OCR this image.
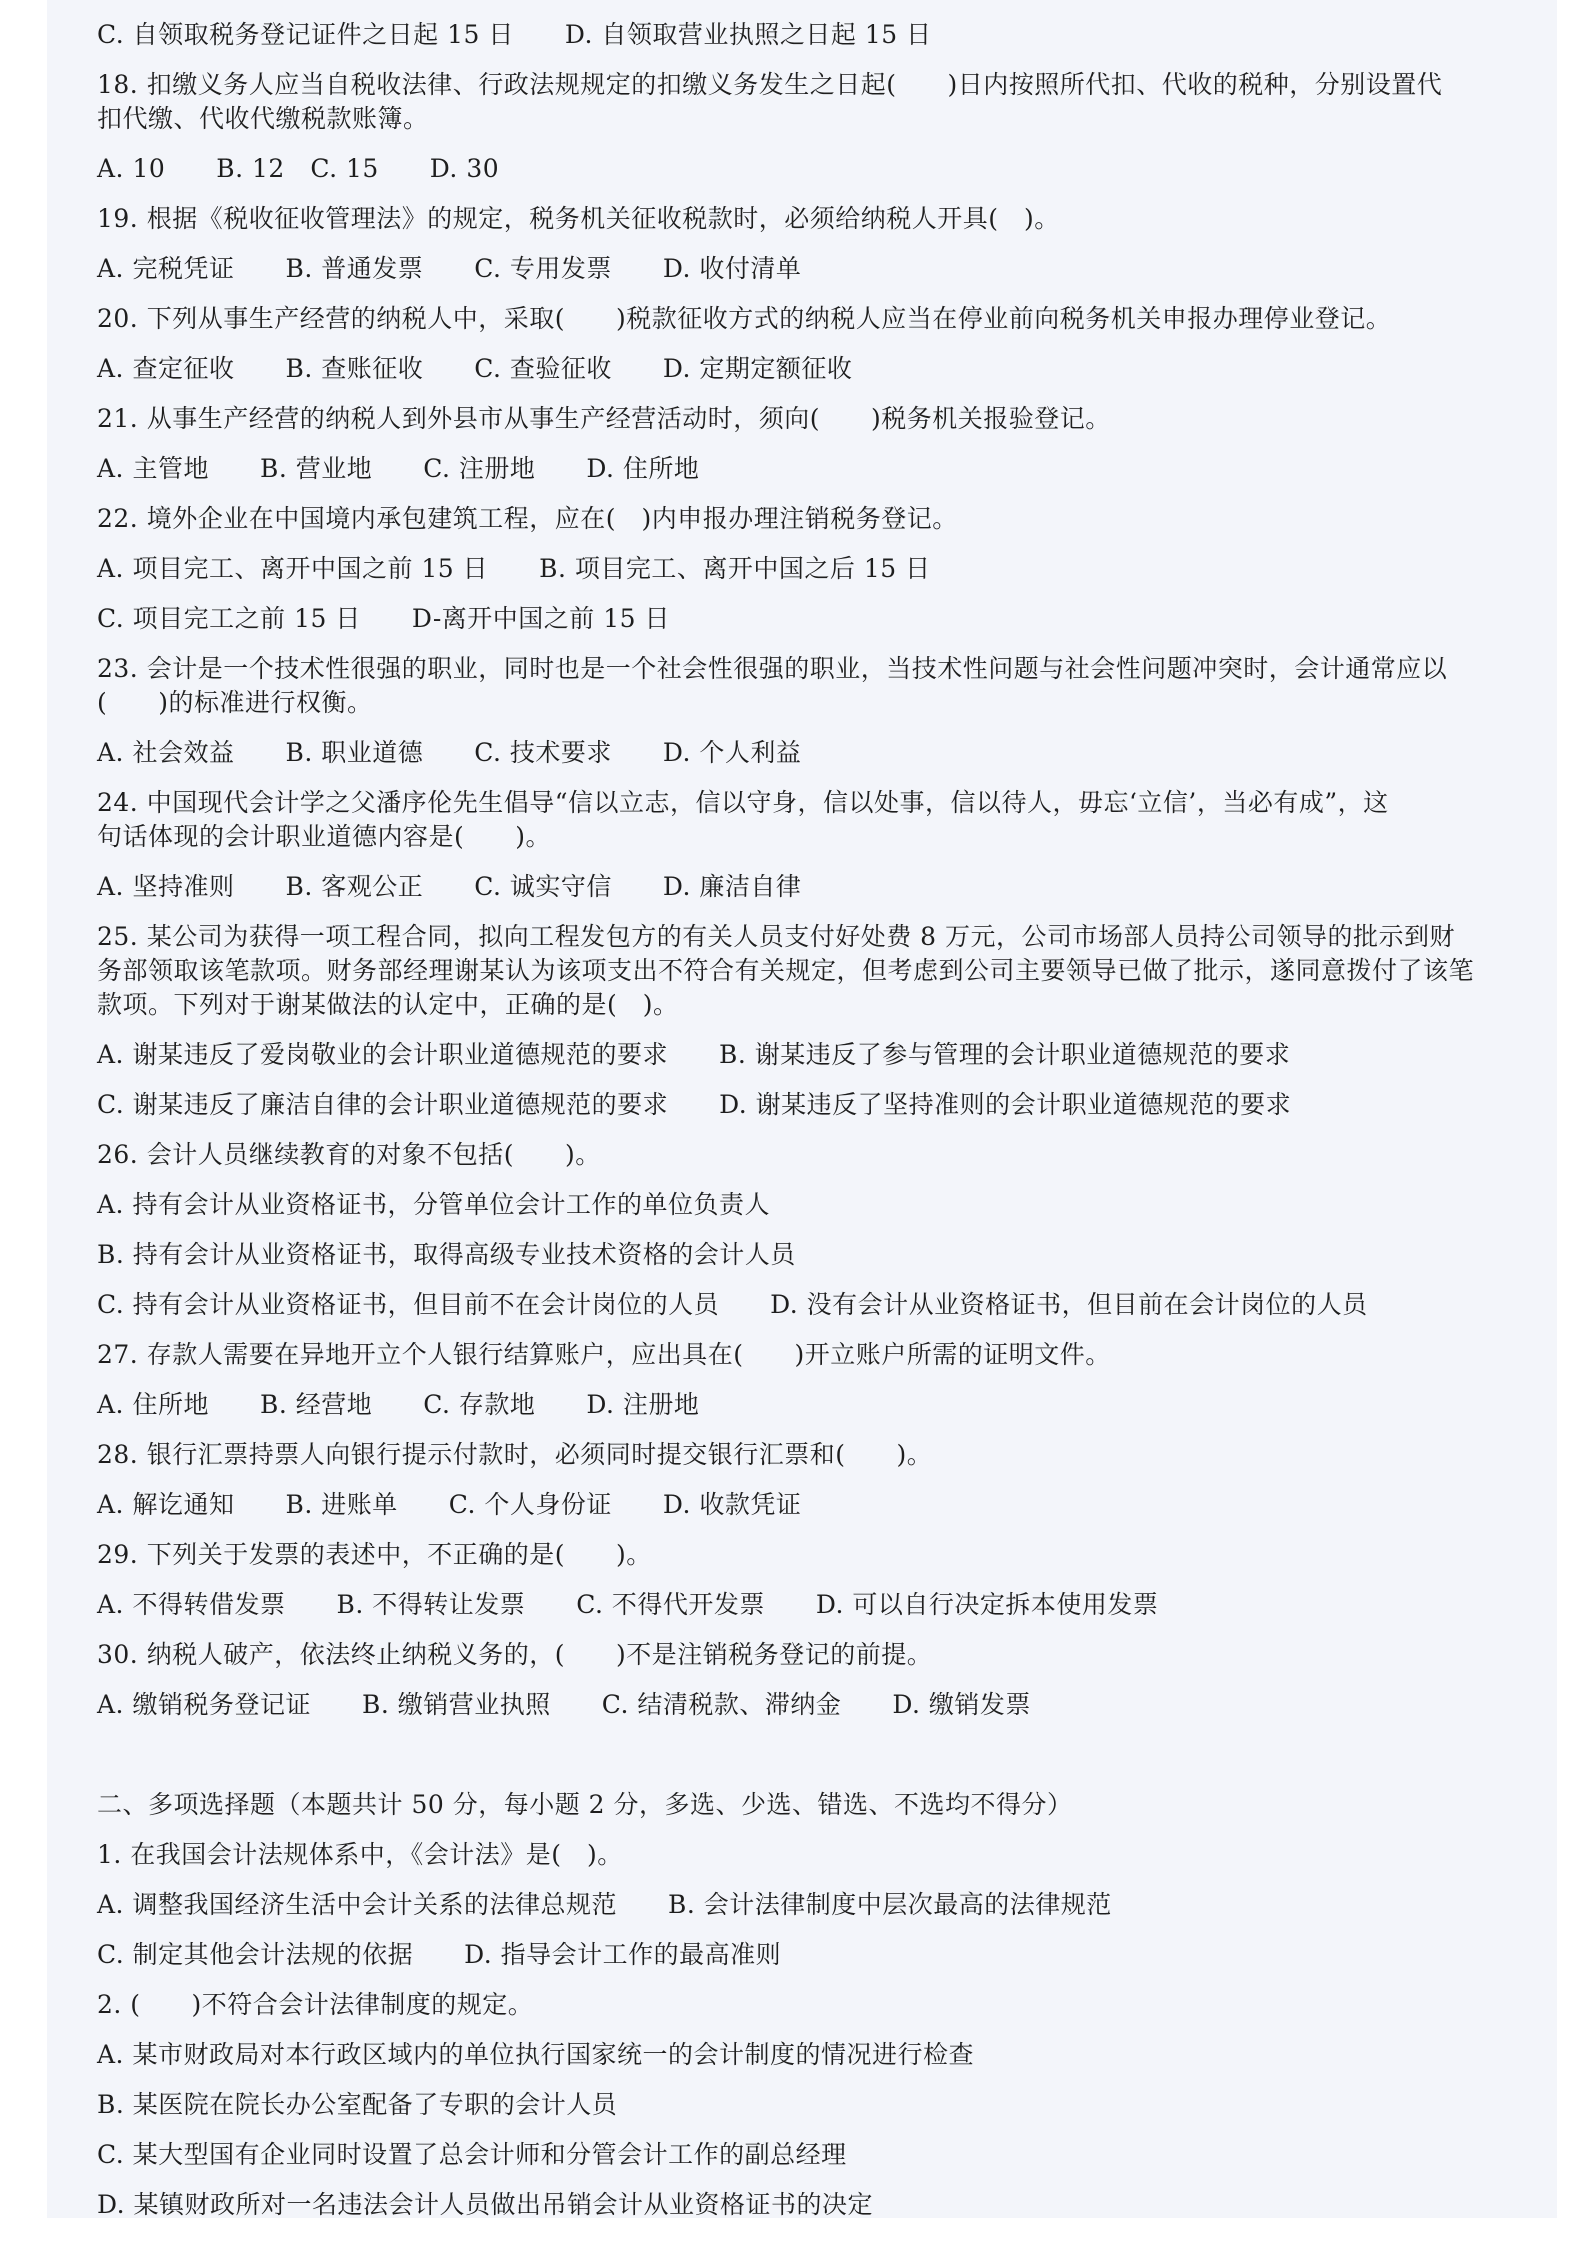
C. 自领取税务登记证件之日起 15 日　　D. 自领取营业执照之日起 15 日
18. 扣缴义务人应当自税收法律、行政法规规定的扣缴义务发生之日起(　　)日内按照所代扣、代收的税种，分别设置代
扣代缴、代收代缴税款账簿。
A. 10　　B. 12　C. 15　　D. 30
19. 根据《税收征收管理法》的规定，税务机关征收税款时，必须给纳税人开具(　)。
A. 完税凭证　　B. 普通发票　　C. 专用发票　　D. 收付清单
20. 下列从事生产经营的纳税人中，采取(　　)税款征收方式的纳税人应当在停业前向税务机关申报办理停业登记。
A. 查定征收　　B. 查账征收　　C. 查验征收　　D. 定期定额征收
21. 从事生产经营的纳税人到外县市从事生产经营活动时，须向(　　)税务机关报验登记。
A. 主管地　　B. 营业地　　C. 注册地　　D. 住所地
22. 境外企业在中国境内承包建筑工程，应在(　)内申报办理注销税务登记。
A. 项目完工、离开中国之前 15 日　　B. 项目完工、离开中国之后 15 日
C. 项目完工之前 15 日　　D-离开中国之前 15 日
23. 会计是一个技术性很强的职业，同时也是一个社会性很强的职业，当技术性问题与社会性问题冲突时，会计通常应以
(　　)的标准进行权衡。
A. 社会效益　　B. 职业道德　　C. 技术要求　　D. 个人利益
24. 中国现代会计学之父潘序伦先生倡导“信以立志，信以守身，信以处事，信以待人，毋忘‘立信’，当必有成”，这
句话体现的会计职业道德内容是(　　)。
A. 坚持准则　　B. 客观公正　　C. 诚实守信　　D. 廉洁自律
25. 某公司为获得一项工程合同，拟向工程发包方的有关人员支付好处费 8 万元，公司市场部人员持公司领导的批示到财
务部领取该笔款项。财务部经理谢某认为该项支出不符合有关规定，但考虑到公司主要领导已做了批示，遂同意拨付了该笔
款项。下列对于谢某做法的认定中，正确的是(　)。
A. 谢某违反了爱岗敬业的会计职业道德规范的要求　　B. 谢某违反了参与管理的会计职业道德规范的要求
C. 谢某违反了廉洁自律的会计职业道德规范的要求　　D. 谢某违反了坚持准则的会计职业道德规范的要求
26. 会计人员继续教育的对象不包括(　　)。
A. 持有会计从业资格证书，分管单位会计工作的单位负责人
B. 持有会计从业资格证书，取得高级专业技术资格的会计人员
C. 持有会计从业资格证书，但目前不在会计岗位的人员　　D. 没有会计从业资格证书，但目前在会计岗位的人员
27. 存款人需要在异地开立个人银行结算账户，应出具在(　　)开立账户所需的证明文件。
A. 住所地　　B. 经营地　　C. 存款地　　D. 注册地
28. 银行汇票持票人向银行提示付款时，必须同时提交银行汇票和(　　)。
A. 解讫通知　　B. 进账单　　C. 个人身份证　　D. 收款凭证
29. 下列关于发票的表述中，不正确的是(　　)。
A. 不得转借发票　　B. 不得转让发票　　C. 不得代开发票　　D. 可以自行决定拆本使用发票
30. 纳税人破产，依法终止纳税义务的，(　　)不是注销税务登记的前提。
A. 缴销税务登记证　　B. 缴销营业执照　　C. 结清税款、滞纳金　　D. 缴销发票
二、多项选择题（本题共计 50 分，每小题 2 分，多选、少选、错选、不选均不得分）
1. 在我国会计法规体系中，《会计法》是(　)。
A. 调整我国经济生活中会计关系的法律总规范　　B. 会计法律制度中层次最高的法律规范
C. 制定其他会计法规的依据　　D. 指导会计工作的最高准则
2. (　　)不符合会计法律制度的规定。
A. 某市财政局对本行政区域内的单位执行国家统一的会计制度的情况进行检查
B. 某医院在院长办公室配备了专职的会计人员
C. 某大型国有企业同时设置了总会计师和分管会计工作的副总经理
D. 某镇财政所对一名违法会计人员做出吊销会计从业资格证书的决定
